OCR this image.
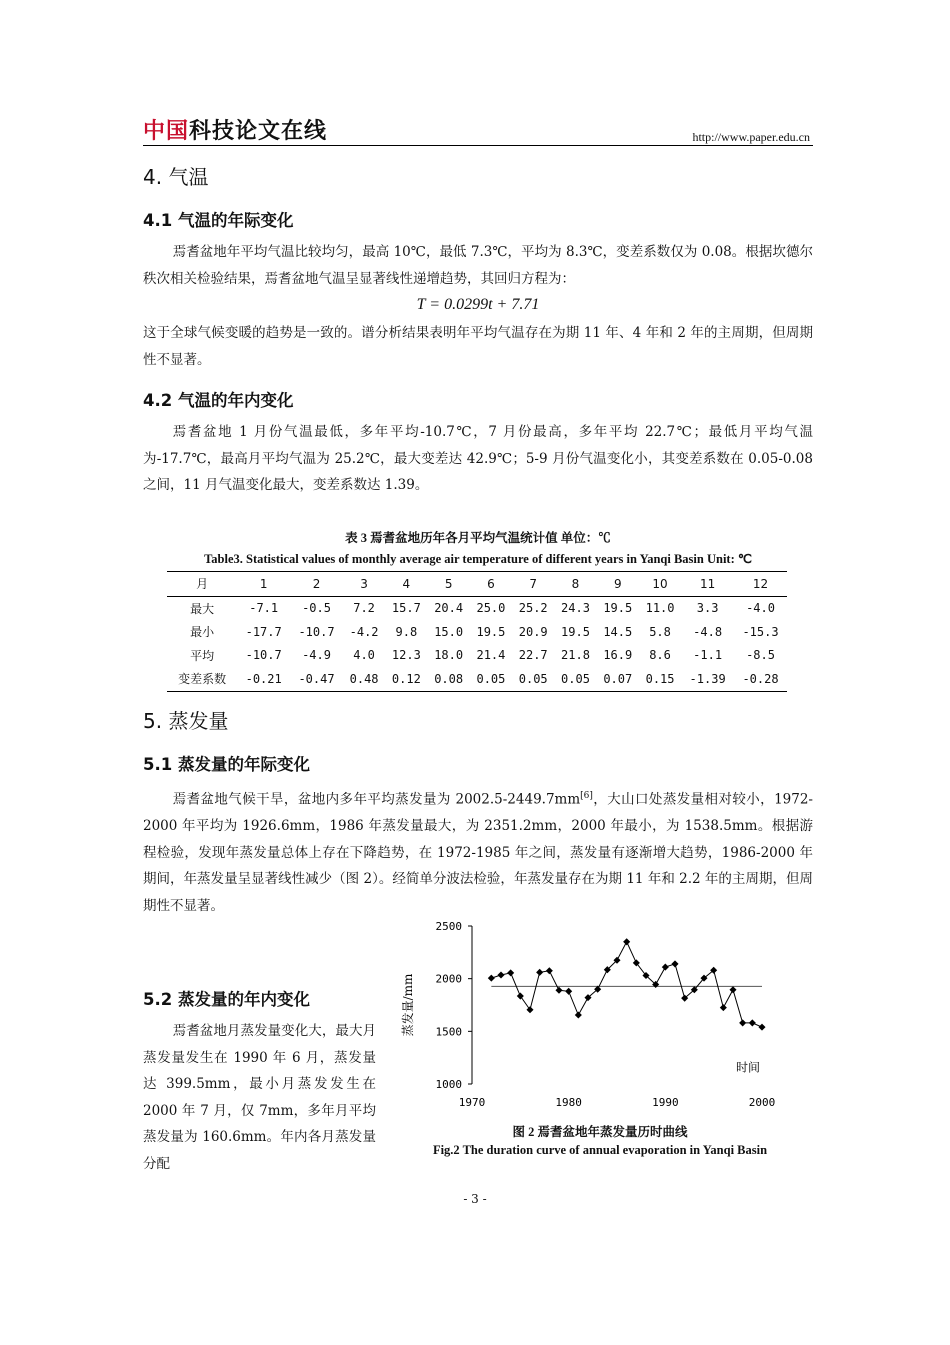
中国科技论文在线	http://www.paper.edu.cn
4. 气温
4.1 气温的年际变化
焉耆盆地年平均气温比较均匀，最高 10℃，最低 7.3℃，平均为 8.3℃，变差系数仅为 0.08。根据坎德尔秩次相关检验结果，焉耆盆地气温呈显著线性递增趋势，其回归方程为：
T = 0.0299t + 7.71
这于全球气候变暖的趋势是一致的。谱分析结果表明年平均气温存在为期 11 年、4 年和 2 年的主周期，但周期性不显著。
4.2 气温的年内变化
焉耆盆地 1 月份气温最低，多年平均-10.7℃，7 月份最高，多年平均 22.7℃；最低月平均气温为-17.7℃，最高月平均气温为 25.2℃，最大变差达 42.9℃；5-9 月份气温变化小，其变差系数在 0.05-0.08 之间，11 月气温变化最大，变差系数达 1.39。
表 3 焉耆盆地历年各月平均气温统计值 单位：℃
Table3. Statistical values of monthly average air temperature of different years in Yanqi Basin Unit: ℃
月	1	2	3	4	5	6	7	8	9	10	11	12
最大	-7.1	-0.5	7.2	15.7	20.4	25.0	25.2	24.3	19.5	11.0	3.3	-4.0
最小	-17.7	-10.7	-4.2	9.8	15.0	19.5	20.9	19.5	14.5	5.8	-4.8	-15.3
平均	-10.7	-4.9	4.0	12.3	18.0	21.4	22.7	21.8	16.9	8.6	-1.1	-8.5
变差系数	-0.21	-0.47	0.48	0.12	0.08	0.05	0.05	0.05	0.07	0.15	-1.39	-0.28
5. 蒸发量
5.1 蒸发量的年际变化
焉耆盆地气候干旱，盆地内多年平均蒸发量为 2002.5-2449.7mm[6]，大山口处蒸发量相对较小，1972-2000 年平均为 1926.6mm，1986 年蒸发量最大，为 2351.2mm，2000 年最小，为 1538.5mm。根据游程检验，发现年蒸发量总体上存在下降趋势，在 1972-1985 年之间，蒸发量有逐渐增大趋势，1986-2000 年期间，年蒸发量呈显著线性减少（图 2）。经简单分波法检验，年蒸发量存在为期 11 年和 2.2 年的主周期，但周期性不显著。
5.2 蒸发量的年内变化
焉耆盆地月蒸发量变化大，最大月蒸发量发生在 1990 年 6 月，蒸发量达 399.5mm，最小月蒸发发生在 2000 年 7 月，仅 7mm，多年月平均蒸发量为 160.6mm。年内各月蒸发量分配
1000
1500
2000
2500
1970	1980	1990	2000
蒸发量/mm
时间
图 2 焉耆盆地年蒸发量历时曲线
Fig.2 The duration curve of annual evaporation in Yanqi Basin
- 3 -
